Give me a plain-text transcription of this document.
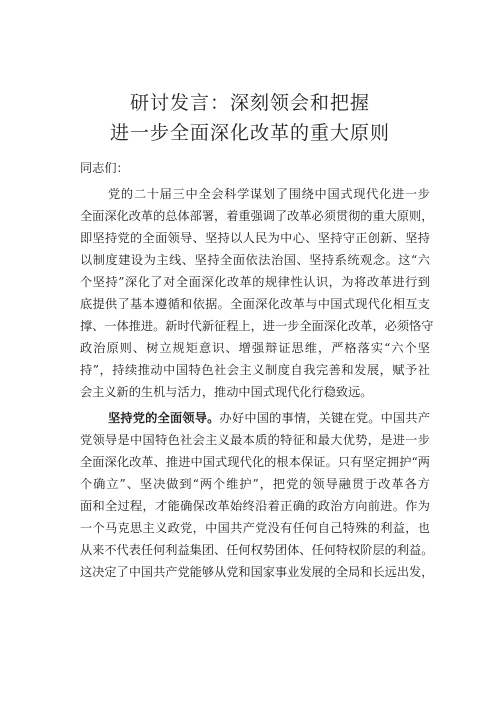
研讨发言：深刻领会和把握
进一步全面深化改革的重大原则
同志们：
党的二十届三中全会科学谋划了围绕中国式现代化进一步
全面深化改革的总体部署，着重强调了改革必须贯彻的重大原则，
即坚持党的全面领导、坚持以人民为中心、坚持守正创新、坚持
以制度建设为主线、坚持全面依法治国、坚持系统观念。这“六
个坚持”深化了对全面深化改革的规律性认识，为将改革进行到
底提供了基本遵循和依据。全面深化改革与中国式现代化相互支
撑、一体推进。新时代新征程上，进一步全面深化改革，必须恪守
政治原则、树立规矩意识、增强辩证思维，严格落实“六个坚
持”，持续推动中国特色社会主义制度自我完善和发展，赋予社
会主义新的生机与活力，推动中国式现代化行稳致远。
坚持党的全面领导。办好中国的事情，关键在党。中国共产
党领导是中国特色社会主义最本质的特征和最大优势，是进一步
全面深化改革、推进中国式现代化的根本保证。只有坚定拥护“两
个确立”、坚决做到“两个维护”，把党的领导融贯于改革各方
面和全过程，才能确保改革始终沿着正确的政治方向前进。作为
一个马克思主义政党，中国共产党没有任何自己特殊的利益，也
从来不代表任何利益集团、任何权势团体、任何特权阶层的利益。
这决定了中国共产党能够从党和国家事业发展的全局和长远出发，
